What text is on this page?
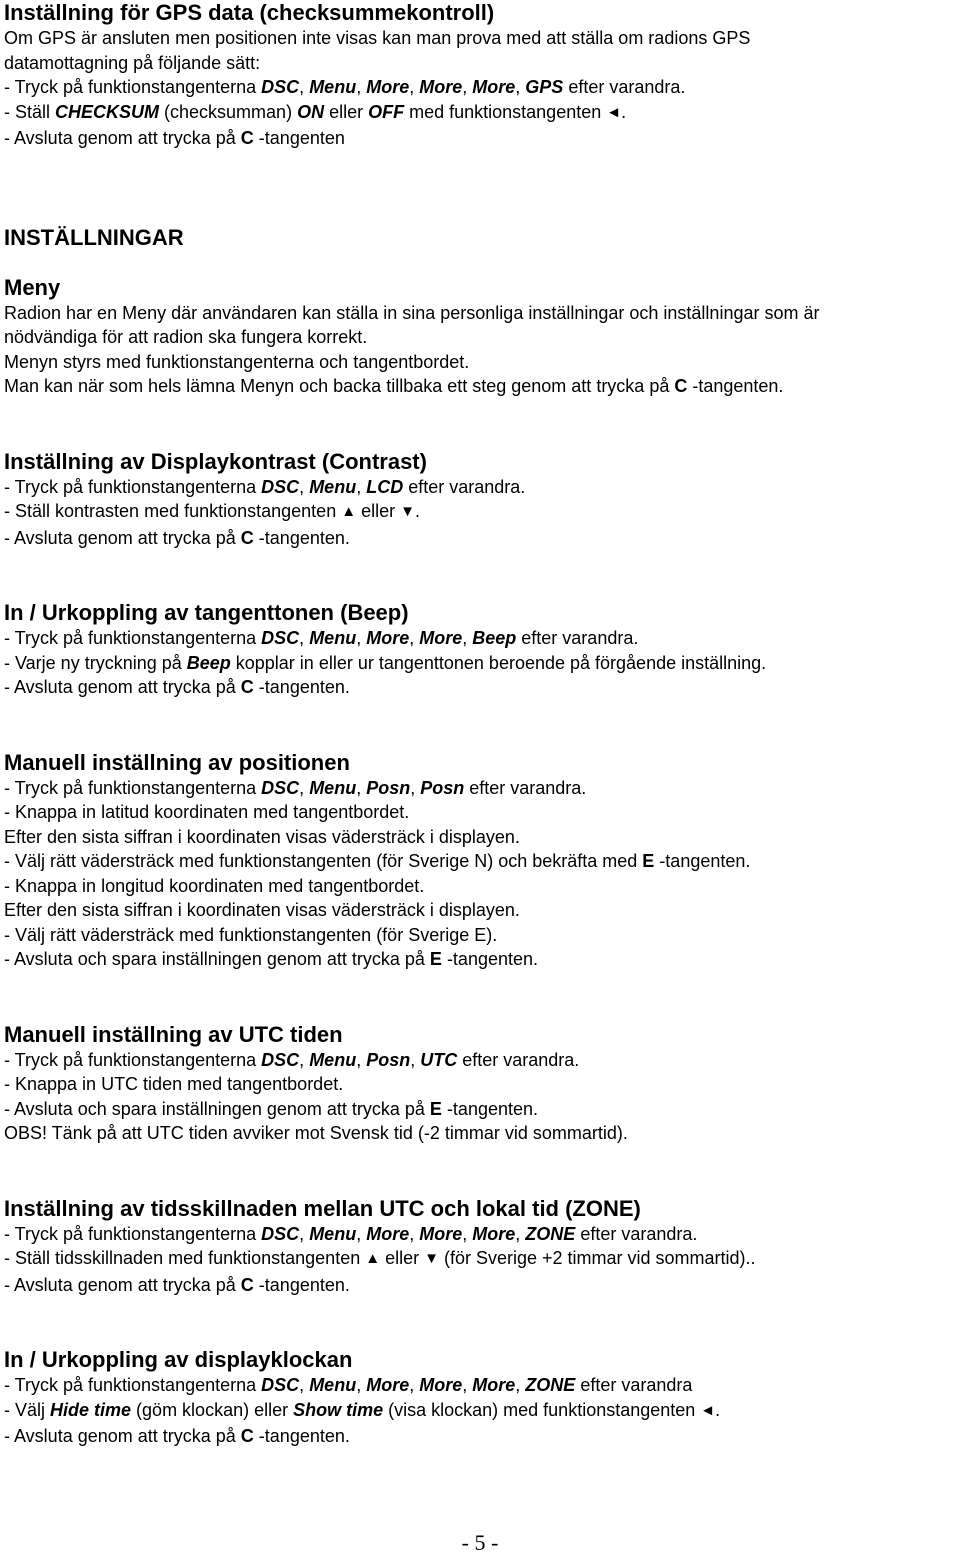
Inställning för GPS data (checksummekontroll)
Om GPS är ansluten men positionen inte visas kan man prova med att ställa om radions GPS
datamottagning på följande sätt:
- Tryck på funktionstangenterna DSC, Menu, More, More, More, GPS efter varandra.
- Ställ CHECKSUM (checksumman) ON eller OFF med funktionstangenten ◄.
- Avsluta genom att trycka på C -tangenten
INSTÄLLNINGAR
Meny
Radion har en Meny där användaren kan ställa in sina personliga inställningar och inställningar som är
nödvändiga för att radion ska fungera korrekt.
Menyn styrs med funktionstangenterna och tangentbordet.
Man kan när som hels lämna Menyn och backa tillbaka ett steg genom att trycka på C -tangenten.
Inställning av Displaykontrast (Contrast)
- Tryck på funktionstangenterna DSC, Menu, LCD efter varandra.
- Ställ kontrasten med funktionstangenten ▲ eller ▼.
- Avsluta genom att trycka på C -tangenten.
In / Urkoppling av tangenttonen (Beep)
- Tryck på funktionstangenterna DSC, Menu, More, More, Beep efter varandra.
- Varje ny tryckning på Beep kopplar in eller ur tangenttonen beroende på förgående inställning.
- Avsluta genom att trycka på C -tangenten.
Manuell inställning av positionen
- Tryck på funktionstangenterna DSC, Menu, Posn, Posn efter varandra.
- Knappa in latitud koordinaten med tangentbordet.
Efter den sista siffran i koordinaten visas vädersträck i displayen.
- Välj rätt vädersträck med funktionstangenten (för Sverige N) och bekräfta med E -tangenten.
- Knappa in longitud koordinaten med tangentbordet.
Efter den sista siffran i koordinaten visas vädersträck i displayen.
- Välj rätt vädersträck med funktionstangenten (för Sverige E).
- Avsluta och spara inställningen genom att trycka på E -tangenten.
Manuell inställning av UTC tiden
- Tryck på funktionstangenterna DSC, Menu, Posn, UTC efter varandra.
- Knappa in UTC tiden med tangentbordet.
- Avsluta och spara inställningen genom att trycka på E -tangenten.
OBS! Tänk på att UTC tiden avviker mot Svensk tid (-2 timmar vid sommartid).
Inställning av tidsskillnaden mellan UTC och lokal tid (ZONE)
- Tryck på funktionstangenterna DSC, Menu, More, More, More, ZONE efter varandra.
- Ställ tidsskillnaden med funktionstangenten ▲ eller ▼ (för Sverige +2 timmar vid sommartid)..
- Avsluta genom att trycka på C -tangenten.
In / Urkoppling av displayklockan
- Tryck på funktionstangenterna DSC, Menu, More, More, More, ZONE efter varandra
- Välj Hide time (göm klockan) eller Show time (visa klockan) med funktionstangenten ◄.
- Avsluta genom att trycka på C -tangenten.
- 5 -
